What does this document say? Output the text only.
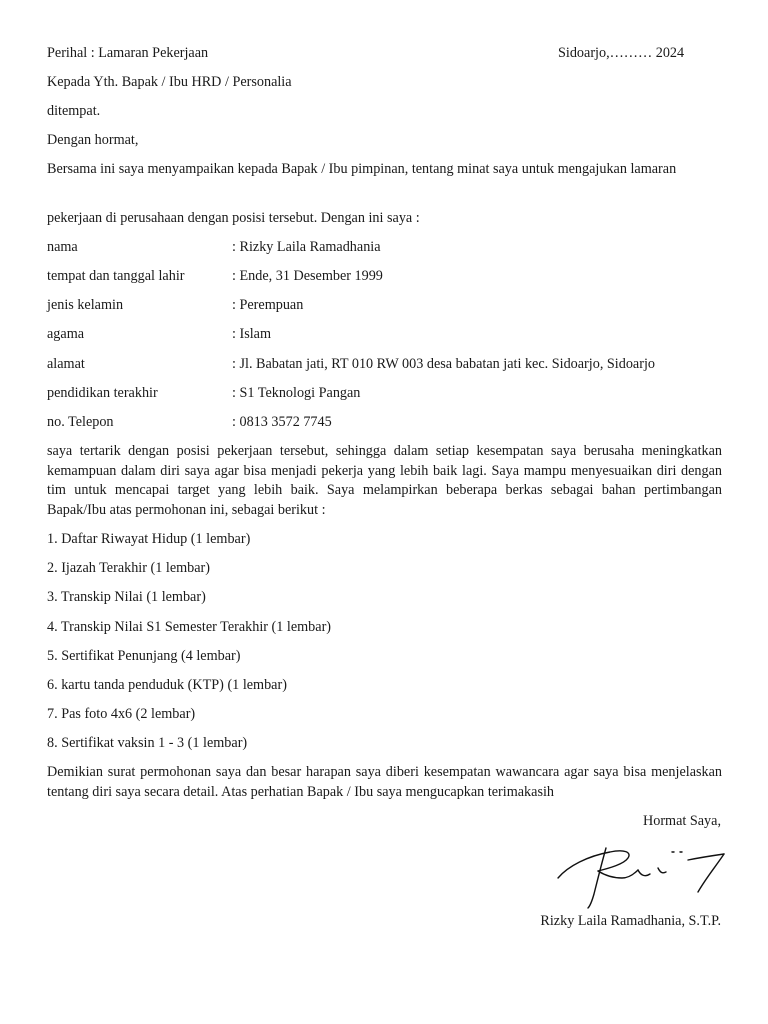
Perihal : Lamaran Pekerjaan	Sidoarjo,……… 2024
Kepada Yth. Bapak / Ibu HRD / Personalia
ditempat.
Dengan hormat,
Bersama ini saya menyampaikan kepada Bapak / Ibu pimpinan, tentang minat saya untuk mengajukan lamaran
pekerjaan di perusahaan dengan posisi tersebut. Dengan ini saya :
nama	: Rizky Laila Ramadhania
tempat dan tanggal lahir	: Ende, 31 Desember 1999
jenis kelamin	: Perempuan
agama	: Islam
alamat	: Jl. Babatan jati, RT 010 RW 003 desa babatan jati kec. Sidoarjo, Sidoarjo
pendidikan terakhir	: S1 Teknologi Pangan
no. Telepon	: 0813 3572 7745
saya tertarik dengan posisi pekerjaan tersebut, sehingga dalam setiap kesempatan saya berusaha meningkatkan kemampuan dalam diri saya agar bisa menjadi pekerja yang lebih baik lagi. Saya mampu menyesuaikan diri dengan tim untuk mencapai target yang lebih baik. Saya melampirkan beberapa berkas sebagai bahan pertimbangan Bapak/Ibu atas permohonan ini, sebagai berikut :
1. Daftar Riwayat Hidup (1 lembar)
2. Ijazah Terakhir (1 lembar)
3. Transkip Nilai (1 lembar)
4. Transkip Nilai S1 Semester Terakhir (1 lembar)
5. Sertifikat Penunjang (4 lembar)
6. kartu tanda penduduk (KTP) (1 lembar)
7. Pas foto 4x6 (2 lembar)
8. Sertifikat vaksin 1 - 3 (1 lembar)
Demikian surat permohonan saya dan besar harapan saya diberi kesempatan wawancara agar saya bisa menjelaskan tentang diri saya secara detail. Atas perhatian Bapak / Ibu saya mengucapkan terimakasih
Hormat Saya,
Rizky Laila Ramadhania, S.T.P.
